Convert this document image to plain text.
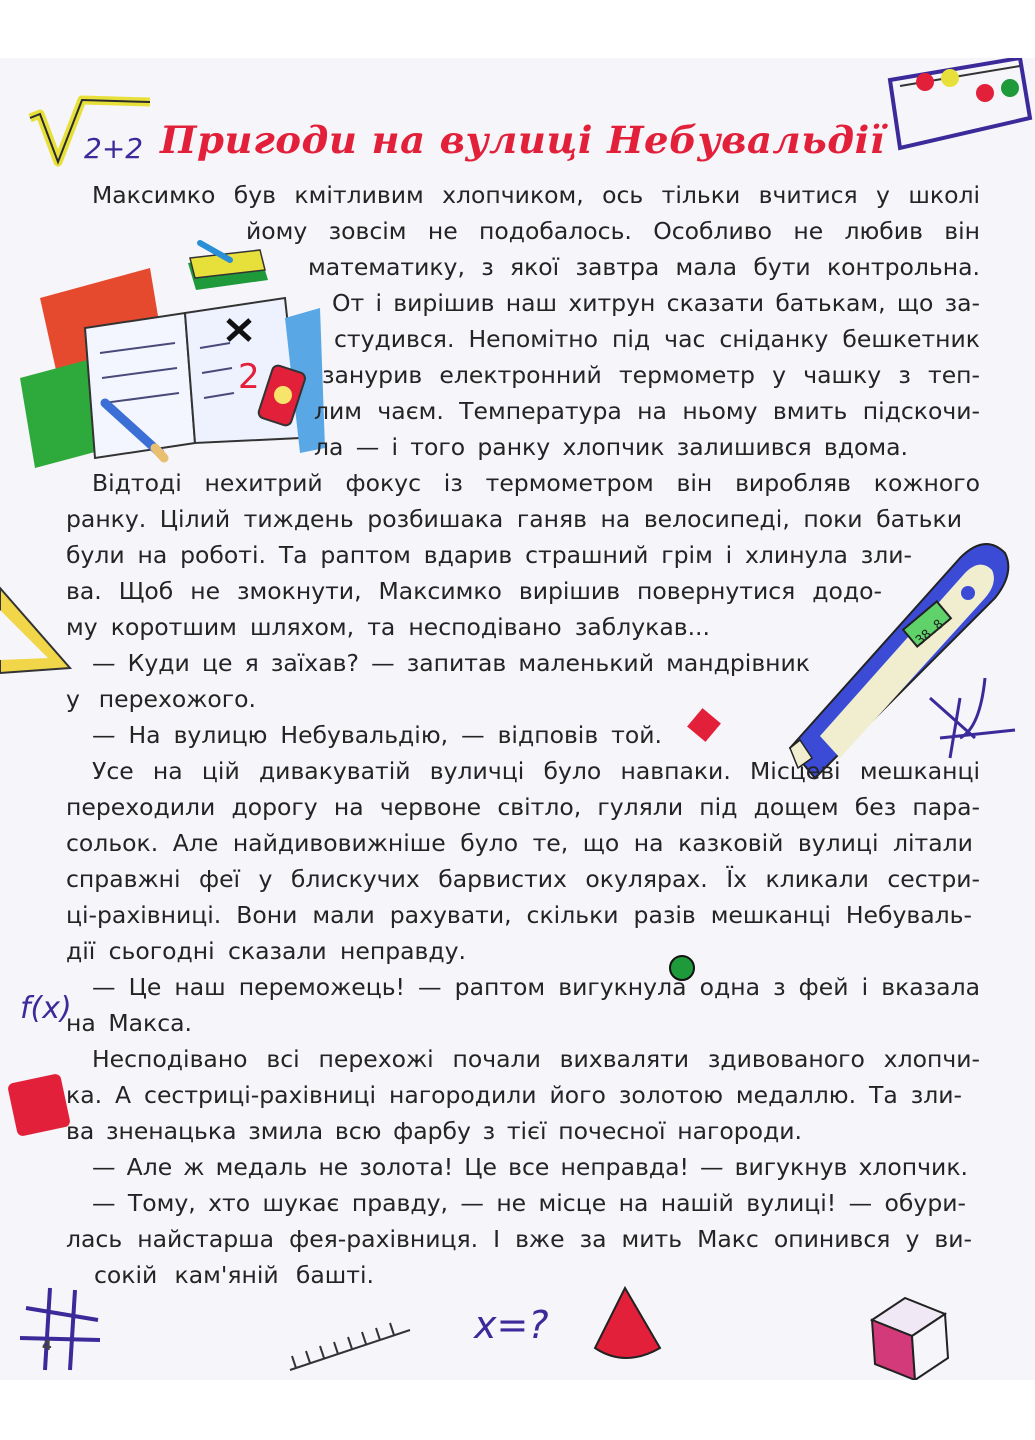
2+2
2
38.8
f(x)
x=?
Пригоди на вулиці Небувальдії
Максимко був кмітливим хлопчиком, ось тільки вчитися у школі
йому зовсім не подобалось. Особливо не любив він
математику, з якої завтра мала бути контрольна.
От і вирішив наш хитрун сказати батькам, що за-
студився. Непомітно під час сніданку бешкетник
занурив електронний термометр у чашку з теп-
лим чаєм. Температура на ньому вмить підскочи-
ла — і того ранку хлопчик залишився вдома.
Відтоді нехитрий фокус із термометром він виробляв кожного
ранку. Цілий тиждень розбишака ганяв на велосипеді, поки батьки
були на роботі. Та раптом вдарив страшний грім і хлинула зли-
ва. Щоб не змокнути, Максимко вирішив повернутися додо-
му коротшим шляхом, та несподівано заблукав...
— Куди це я заїхав? — запитав маленький мандрівник
у перехожого.
— На вулицю Небувальдію, — відповів той.
Усе на цій дивакуватій вуличці було навпаки. Місцеві мешканці
переходили дорогу на червоне світло, гуляли під дощем без пара-
сольок. Але найдивовижніше було те, що на казковій вулиці літали
справжні феї у блискучих барвистих окулярах. Їх кликали сестри-
ці-рахівниці. Вони мали рахувати, скільки разів мешканці Небуваль-
дії сьогодні сказали неправду.
— Це наш переможець! — раптом вигукнула одна з фей і вказала
на Макса.
Несподівано всі перехожі почали вихваляти здивованого хлопчи-
ка. А сестриці-рахівниці нагородили його золотою медаллю. Та зли-
ва зненацька змила всю фарбу з тієї почесної нагороди.
— Але ж медаль не золота! Це все неправда! — вигукнув хлопчик.
— Тому, хто шукає правду, — не місце на нашій вулиці! — обури-
лась найстарша фея-рахівниця. І вже за мить Макс опинився у ви-
сокій кам'яній башті.
4
